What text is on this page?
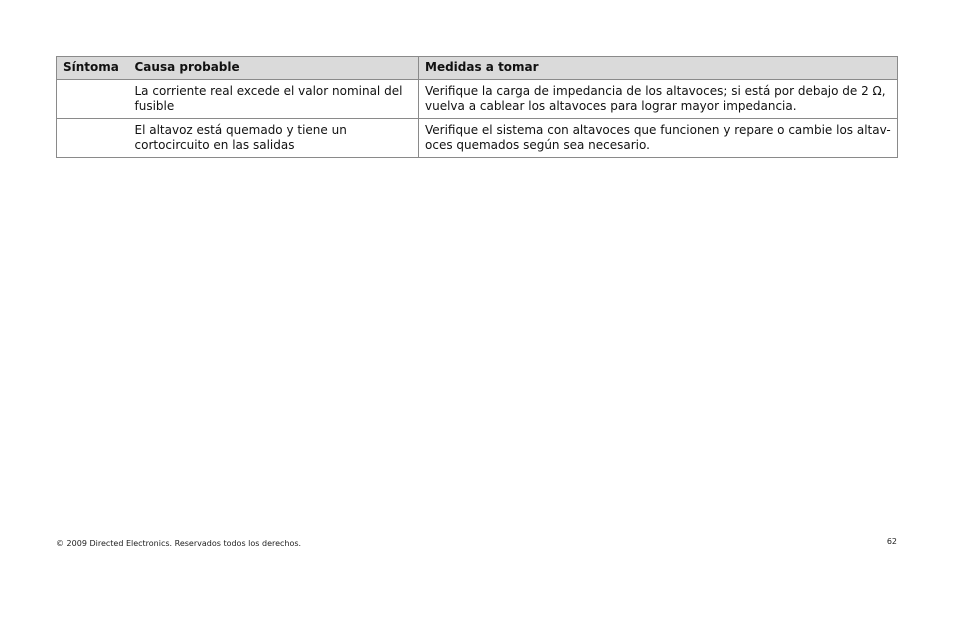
Síntoma	Causa probable	Medidas a tomar
	La corriente real excede el valor nominal del fusible	Verifique la carga de impedancia de los altavoces; si está por debajo de 2 Ω, vuelva a cablear los altavoces para lograr mayor impedancia.
	El altavoz está quemado y tiene un cortocircuito en las salidas	Verifique el sistema con altavoces que funcionen y repare o cambie los altav-oces quemados según sea necesario.
© 2009 Directed Electronics. Reservados todos los derechos.	62
